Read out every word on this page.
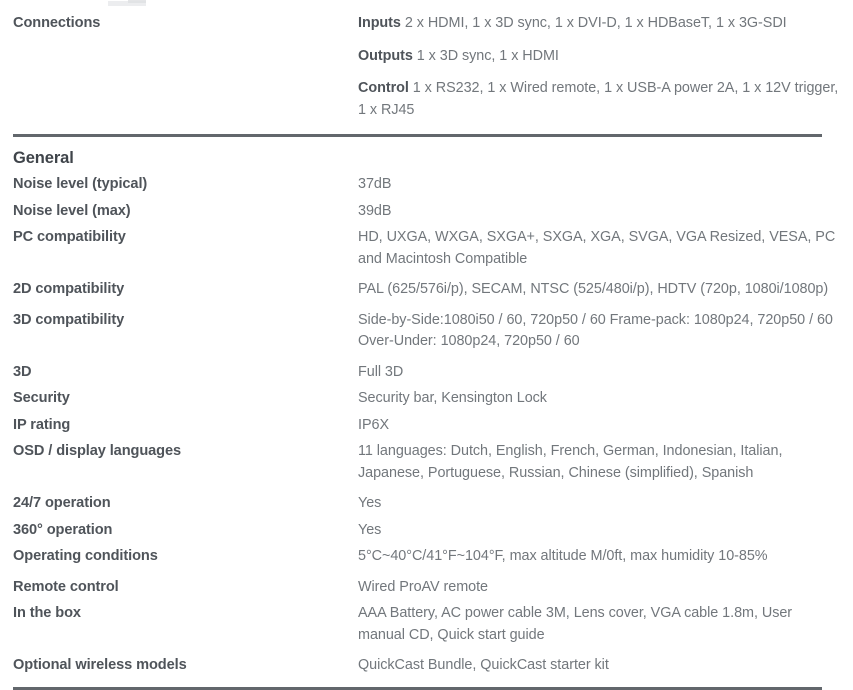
Connections	Inputs 2 x HDMI, 1 x 3D sync, 1 x DVI-D, 1 x HDBaseT, 1 x 3G-SDI

Outputs 1 x 3D sync, 1 x HDMI

Control 1 x RS232, 1 x Wired remote, 1 x USB-A power 2A, 1 x 12V trigger, 1 x RJ45

General	
Noise level (typical)	37dB
Noise level (max)	39dB
PC compatibility	HD, UXGA, WXGA, SXGA+, SXGA, XGA, SVGA, VGA Resized, VESA, PC and Macintosh Compatible
2D compatibility	PAL (625/576i/p), SECAM, NTSC (525/480i/p), HDTV (720p, 1080i/1080p)
3D compatibility	Side-by-Side:1080i50 / 60, 720p50 / 60 Frame-pack: 1080p24, 720p50 / 60 Over-Under: 1080p24, 720p50 / 60
3D	Full 3D
Security	Security bar, Kensington Lock
IP rating	IP6X
OSD / display languages	11 languages: Dutch, English, French, German, Indonesian, Italian, Japanese, Portuguese, Russian, Chinese (simplified), Spanish
24/7 operation	Yes
360° operation	Yes
Operating conditions	5°C~40°C/41°F~104°F, max altitude M/0ft, max humidity 10-85%
Remote control	Wired ProAV remote
In the box	AAA Battery, AC power cable 3M, Lens cover, VGA cable 1.8m, User manual CD, Quick start guide
Optional wireless models	QuickCast Bundle, QuickCast starter kit
